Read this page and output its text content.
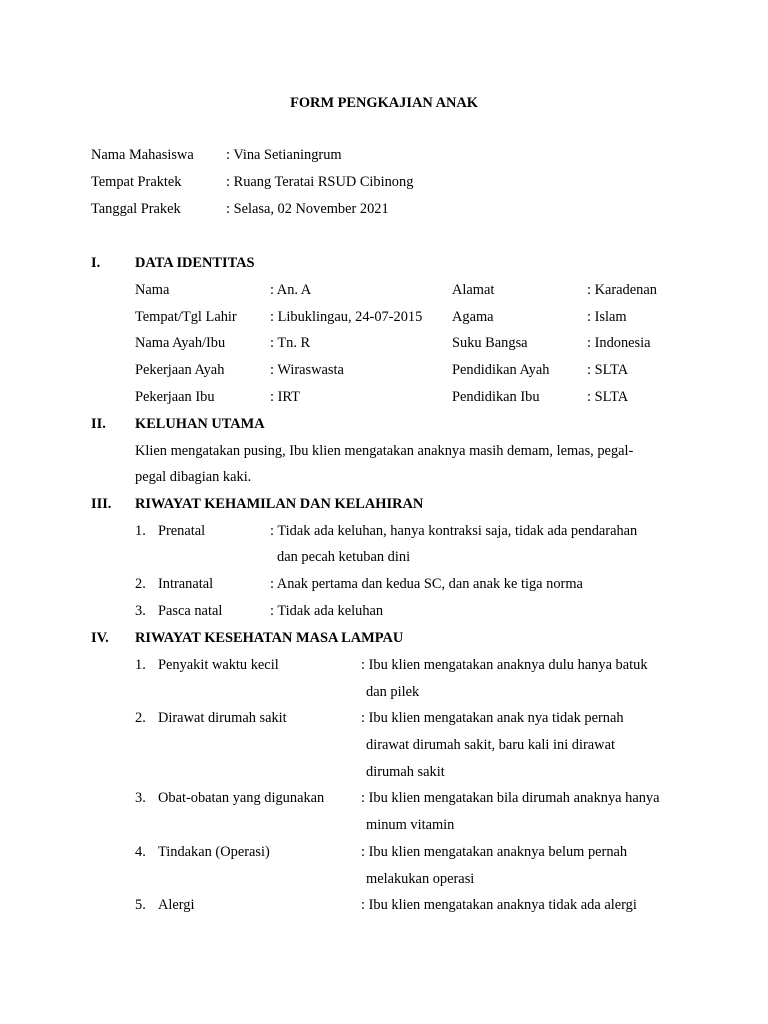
FORM PENGKAJIAN ANAK
Nama Mahasiswa : Vina Setianingrum
Tempat Praktek	: Ruang Teratai RSUD Cibinong
Tanggal Prakek	: Selasa, 02 November 2021
I. DATA IDENTITAS
Nama	: An. A	Alamat	: Karadenan
Tempat/Tgl Lahir : Libuklingau, 24-07-2015 Agama	: Islam
Nama Ayah/Ibu	: Tn. R	Suku Bangsa	: Indonesia
Pekerjaan Ayah	: Wiraswasta	Pendidikan Ayah	: SLTA
Pekerjaan Ibu	: IRT	Pendidikan Ibu	: SLTA
II. KELUHAN UTAMA
Klien mengatakan pusing, Ibu klien mengatakan anaknya masih demam, lemas, pegal-
pegal dibagian kaki.
III. RIWAYAT KEHAMILAN DAN KELAHIRAN
1. Prenatal	: Tidak ada keluhan, hanya kontraksi saja, tidak ada pendarahan
dan pecah ketuban dini
2. Intranatal	: Anak pertama dan kedua SC, dan anak ke tiga norma
3. Pasca natal	: Tidak ada keluhan
IV. RIWAYAT KESEHATAN MASA LAMPAU
1. Penyakit waktu kecil	: Ibu klien mengatakan anaknya dulu hanya batuk
dan pilek
2. Dirawat dirumah sakit	: Ibu klien mengatakan anak nya tidak pernah
dirawat dirumah sakit, baru kali ini dirawat
dirumah sakit
3. Obat-obatan yang digunakan	: Ibu klien mengatakan bila dirumah anaknya hanya
minum vitamin
4. Tindakan (Operasi)	: Ibu klien mengatakan anaknya belum pernah
melakukan operasi
5. Alergi	: Ibu klien mengatakan anaknya tidak ada alergi
